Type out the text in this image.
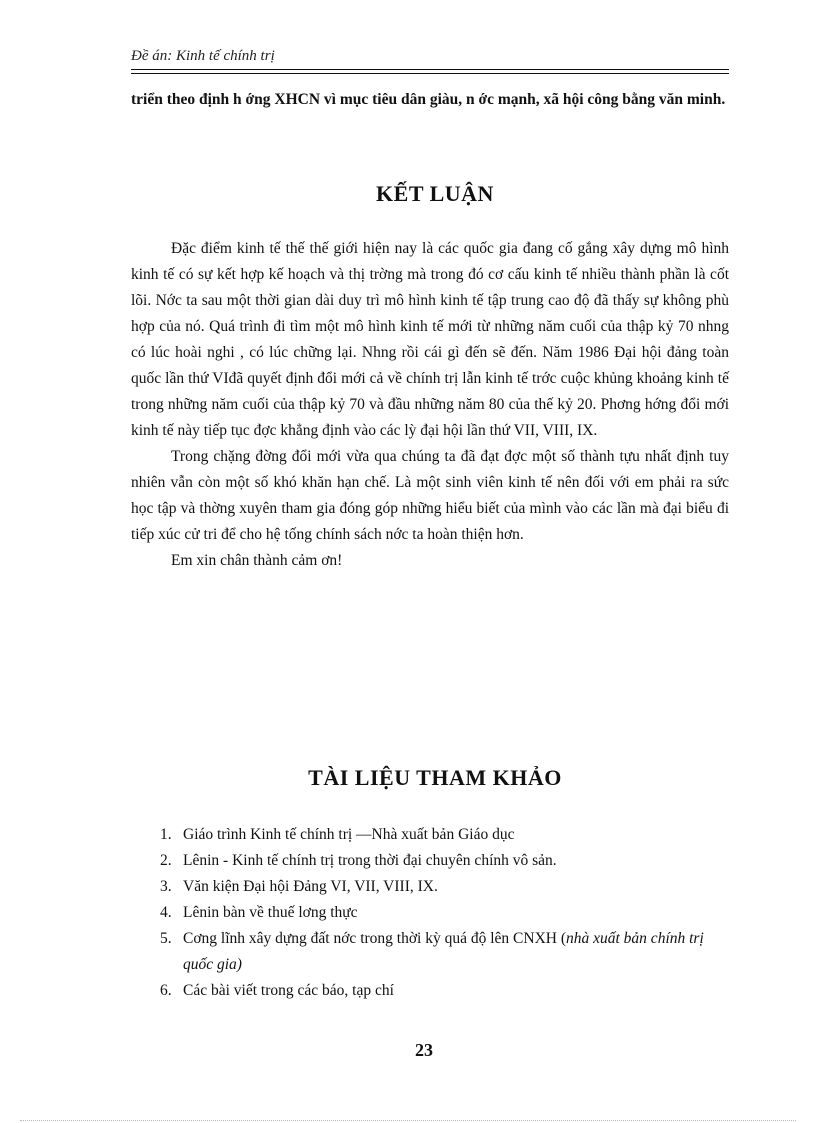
Đề án: Kinh tế chính trị
triển theo định h ớng XHCN vì mục tiêu dân giàu, n ớc mạnh, xã hội công bằng văn minh.
KẾT LUẬN

Đặc điểm kinh tế thế thế giới hiện nay là các quốc gia đang cố gắng xây dựng mô hình kinh tế có sự kết hợp kế hoạch và thị trờng mà trong đó cơ cấu kinh tế nhiều thành phần là cốt lõi. Nớc ta sau một thời gian dài duy trì mô hình kinh tế tập trung cao độ đã thấy sự không phù hợp của nó. Quá trình đi tìm một mô hình kinh tế mới từ những năm cuối của thập kỷ 70 nhng có lúc hoài nghi , có lúc chững lại. Nhng rồi cái gì đến sẽ đến. Năm 1986 Đại hội đảng toàn quốc lần thứ VIđã quyết định đổi mới cả về chính trị lẫn kinh tế trớc cuộc khủng khoảng kinh tế trong những năm cuối của thập kỷ 70 và đầu những năm 80 của thế kỷ 20. Phơng hớng đổi mới kinh tế này tiếp tục đợc khẳng định vào các lỳ đại hội lần thứ VII, VIII, IX.

Trong chặng đờng đổi mới vừa qua chúng ta đã đạt đợc một số thành tựu nhất định tuy nhiên vẫn còn một số khó khăn hạn chế. Là một sinh viên kinh tế nên đối với em phải ra sức học tập và thờng xuyên tham gia đóng góp những hiểu biết của mình vào các lần mà đại biểu đi tiếp xúc cử tri để cho hệ tống chính sách nớc ta hoàn thiện hơn.

Em xin chân thành cảm ơn!

TÀI LIỆU THAM KHẢO
1. Giáo trình Kinh tế chính trị —Nhà xuất bản Giáo dục
2. Lênin - Kinh tế chính trị trong thời đại chuyên chính vô sản.
3. Văn kiện Đại hội Đảng VI, VII, VIII, IX.
4. Lênin bàn về thuế lơng thực
5. Cơng lĩnh xây dựng đất nớc trong thời kỳ quá độ lên CNXH (nhà xuất bản chính trị quốc gia)
6. Các bài viết trong các báo, tạp chí
23
